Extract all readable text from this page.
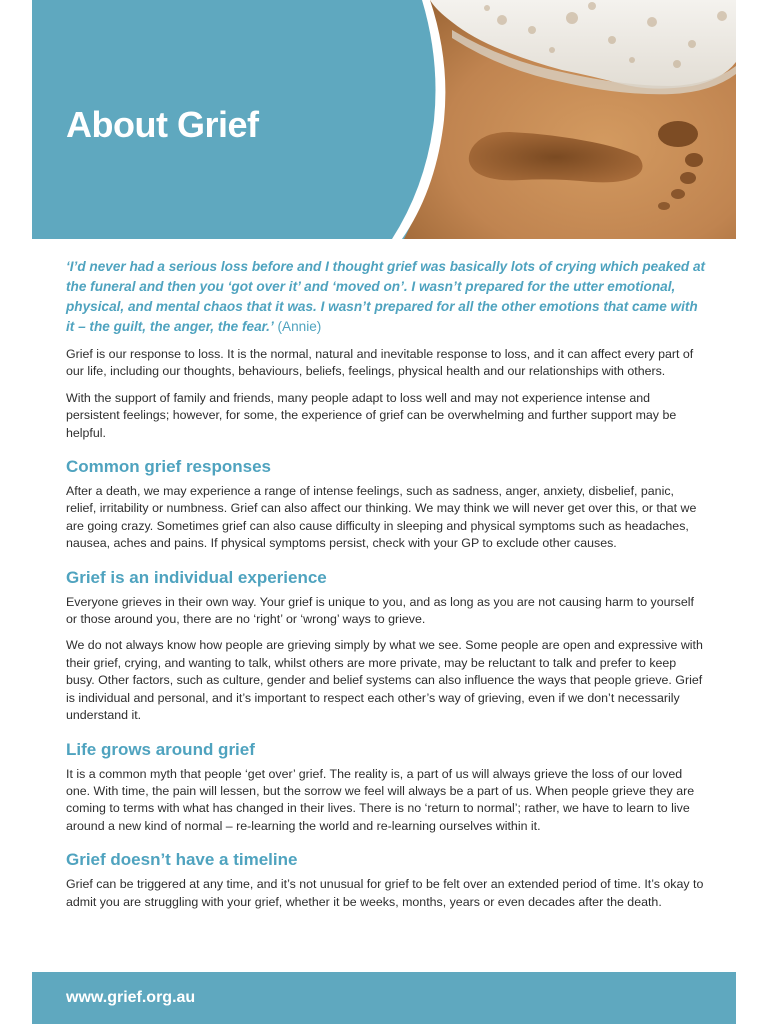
About Grief
‘I’d never had a serious loss before and I thought grief was basically lots of crying which peaked at the funeral and then you ‘got over it’ and ‘moved on’. I wasn’t prepared for the utter emotional, physical, and mental chaos that it was. I wasn’t prepared for all the other emotions that came with it – the guilt, the anger, the fear.’ (Annie)

Grief is our response to loss. It is the normal, natural and inevitable response to loss, and it can affect every part of our life, including our thoughts, behaviours, beliefs, feelings, physical health and our relationships with others.

With the support of family and friends, many people adapt to loss well and may not experience intense and persistent feelings; however, for some, the experience of grief can be overwhelming and further support may be helpful.

Common grief responses

After a death, we may experience a range of intense feelings, such as sadness, anger, anxiety, disbelief, panic, relief, irritability or numbness. Grief can also affect our thinking. We may think we will never get over this, or that we are going crazy. Sometimes grief can also cause difficulty in sleeping and physical symptoms such as headaches, nausea, aches and pains. If physical symptoms persist, check with your GP to exclude other causes.

Grief is an individual experience

Everyone grieves in their own way. Your grief is unique to you, and as long as you are not causing harm to yourself or those around you, there are no ‘right’ or ‘wrong’ ways to grieve.

We do not always know how people are grieving simply by what we see. Some people are open and expressive with their grief, crying, and wanting to talk, whilst others are more private, may be reluctant to talk and prefer to keep busy. Other factors, such as culture, gender and belief systems can also influence the ways that people grieve. Grief is individual and personal, and it’s important to respect each other’s way of grieving, even if we don’t necessarily understand it.

Life grows around grief

It is a common myth that people ‘get over’ grief. The reality is, a part of us will always grieve the loss of our loved one. With time, the pain will lessen, but the sorrow we feel will always be a part of us. When people grieve they are coming to terms with what has changed in their lives. There is no ‘return to normal’; rather, we have to learn to live around a new kind of normal – re-learning the world and re-learning ourselves within it.

Grief doesn’t have a timeline

Grief can be triggered at any time, and it’s not unusual for grief to be felt over an extended period of time. It’s okay to admit you are struggling with your grief, whether it be weeks, months, years or even decades after the death.

www.grief.org.au
